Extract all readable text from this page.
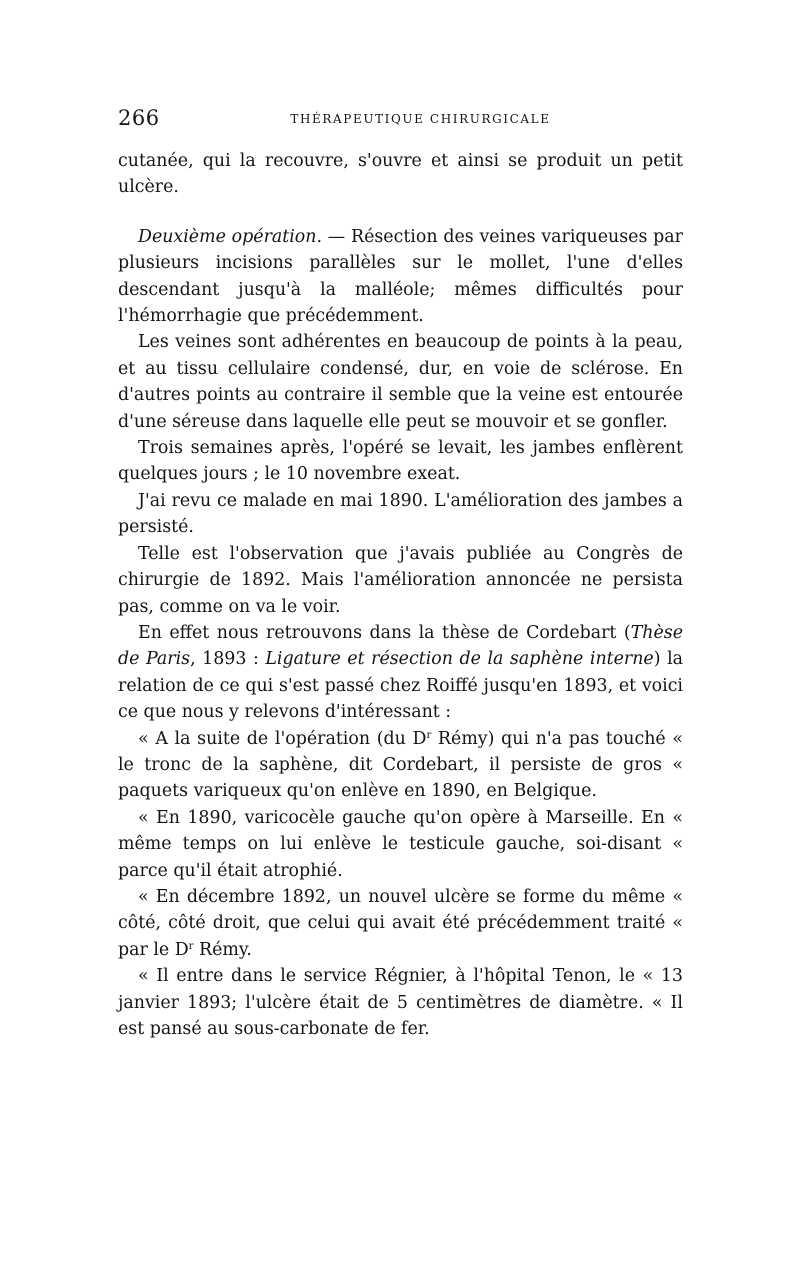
266	THÉRAPEUTIQUE CHIRURGICALE

cutanée, qui la recouvre, s'ouvre et ainsi se produit un petit ulcère.

Deuxième opération. — Résection des veines variqueuses par plusieurs incisions parallèles sur le mollet, l'une d'elles descendant jusqu'à la malléole; mêmes difficultés pour l'hémorrhagie que précédemment.

Les veines sont adhérentes en beaucoup de points à la peau, et au tissu cellulaire condensé, dur, en voie de sclérose. En d'autres points au contraire il semble que la veine est entourée d'une séreuse dans laquelle elle peut se mouvoir et se gonfler.

Trois semaines après, l'opéré se levait, les jambes enflèrent quelques jours ; le 10 novembre exeat.

J'ai revu ce malade en mai 1890. L'amélioration des jambes a persisté.

Telle est l'observation que j'avais publiée au Congrès de chirurgie de 1892. Mais l'amélioration annoncée ne persista pas, comme on va le voir.

En effet nous retrouvons dans la thèse de Cordebart (Thèse de Paris, 1893 : Ligature et résection de la saphène interne) la relation de ce qui s'est passé chez Roiffé jusqu'en 1893, et voici ce que nous y relevons d'intéressant :

« A la suite de l'opération (du $D^r$ Rémy) qui n'a pas touché « le tronc de la saphène, dit Cordebart, il persiste de gros « paquets variqueux qu'on enlève en 1890, en Belgique.

« En 1890, varicocèle gauche qu'on opère à Marseille. En « même temps on lui enlève le testicule gauche, soi-disant « parce qu'il était atrophié.

« En décembre 1892, un nouvel ulcère se forme du même « côté, côté droit, que celui qui avait été précédemment traité « par le $D^r$ Rémy.

« Il entre dans le service Régnier, à l'hôpital Tenon, le « 13 janvier 1893; l'ulcère était de 5 centimètres de diamètre. « Il est pansé au sous-carbonate de fer.
